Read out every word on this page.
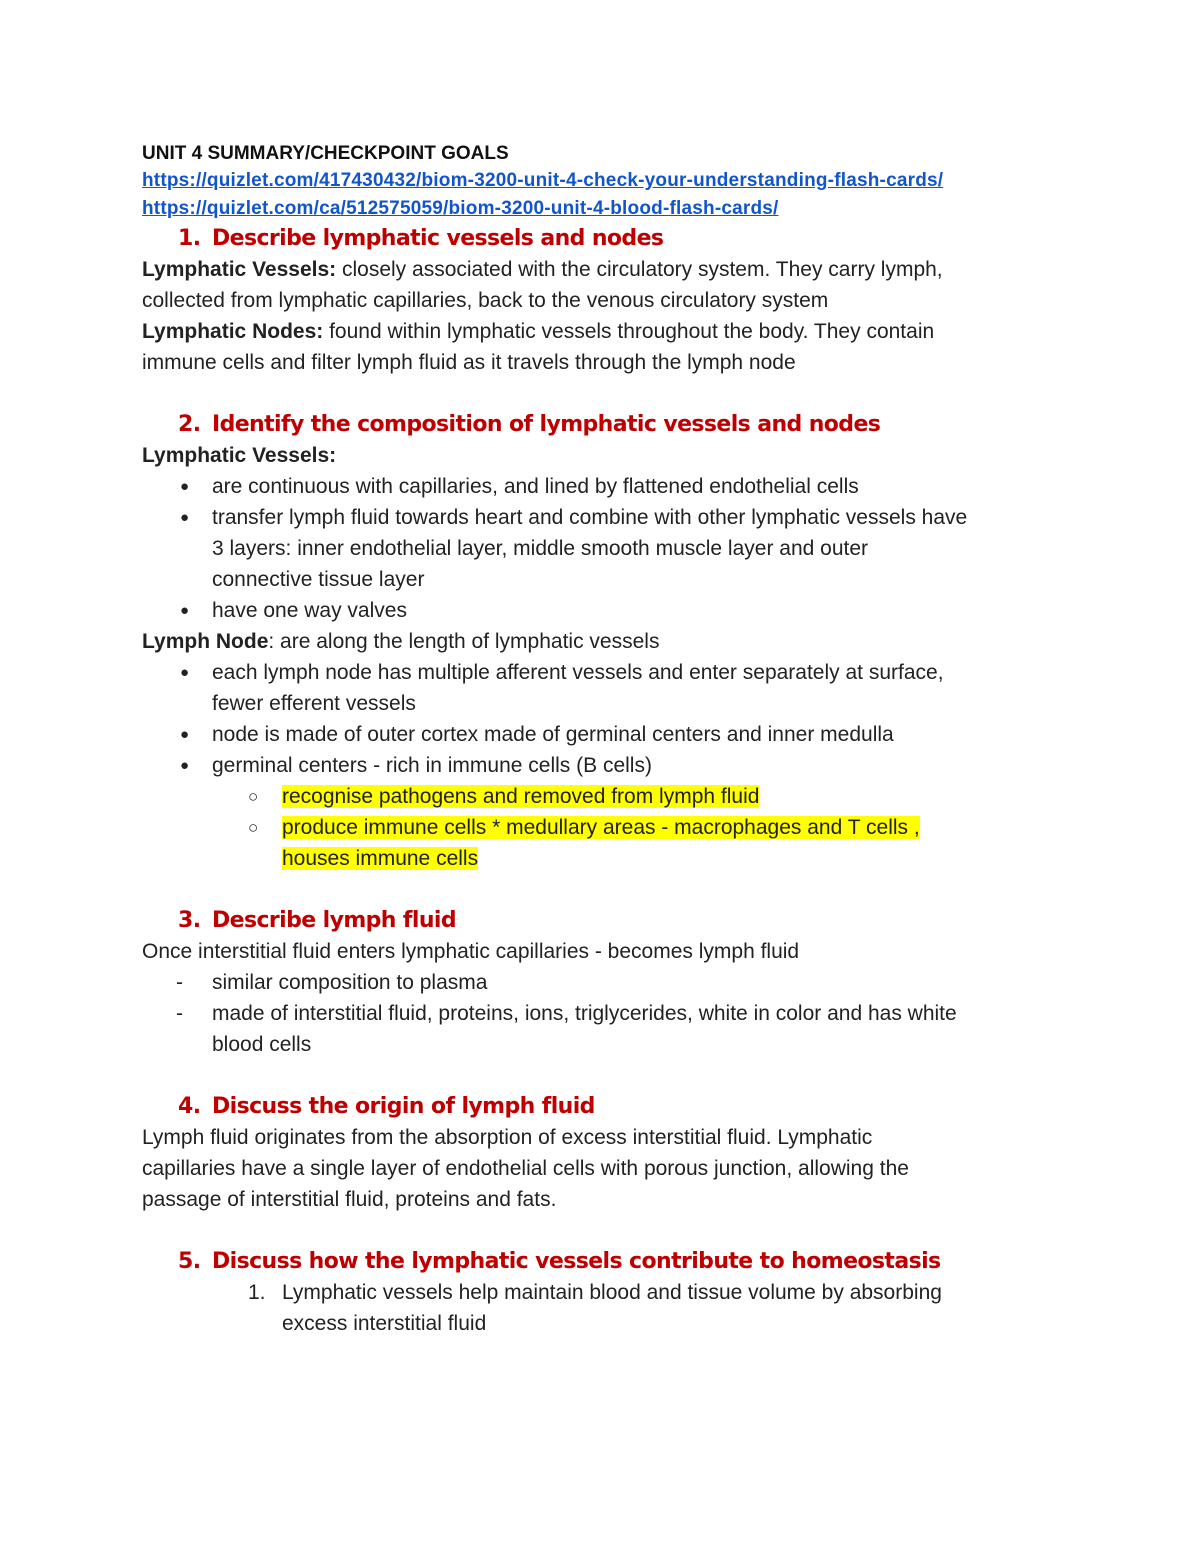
UNIT 4 SUMMARY/CHECKPOINT GOALS
https://quizlet.com/417430432/biom-3200-unit-4-check-your-understanding-flash-cards/
https://quizlet.com/ca/512575059/biom-3200-unit-4-blood-flash-cards/
1. Describe lymphatic vessels and nodes
Lymphatic Vessels: closely associated with the circulatory system. They carry lymph,
collected from lymphatic capillaries, back to the venous circulatory system
Lymphatic Nodes: found within lymphatic vessels throughout the body. They contain
immune cells and filter lymph fluid as it travels through the lymph node
2. Identify the composition of lymphatic vessels and nodes
Lymphatic Vessels:
● are continuous with capillaries, and lined by flattened endothelial cells
● transfer lymph fluid towards heart and combine with other lymphatic vessels have
3 layers: inner endothelial layer, middle smooth muscle layer and outer
connective tissue layer
● have one way valves
Lymph Node: are along the length of lymphatic vessels
● each lymph node has multiple afferent vessels and enter separately at surface,
fewer efferent vessels
● node is made of outer cortex made of germinal centers and inner medulla
● germinal centers - rich in immune cells (B cells)
○ recognise pathogens and removed from lymph fluid
○ produce immune cells * medullary areas - macrophages and T cells ,
houses immune cells
3. Describe lymph fluid
Once interstitial fluid enters lymphatic capillaries - becomes lymph fluid
- similar composition to plasma
- made of interstitial fluid, proteins, ions, triglycerides, white in color and has white
blood cells
4. Discuss the origin of lymph fluid
Lymph fluid originates from the absorption of excess interstitial fluid. Lymphatic
capillaries have a single layer of endothelial cells with porous junction, allowing the
passage of interstitial fluid, proteins and fats.
5. Discuss how the lymphatic vessels contribute to homeostasis
1. Lymphatic vessels help maintain blood and tissue volume by absorbing
excess interstitial fluid
